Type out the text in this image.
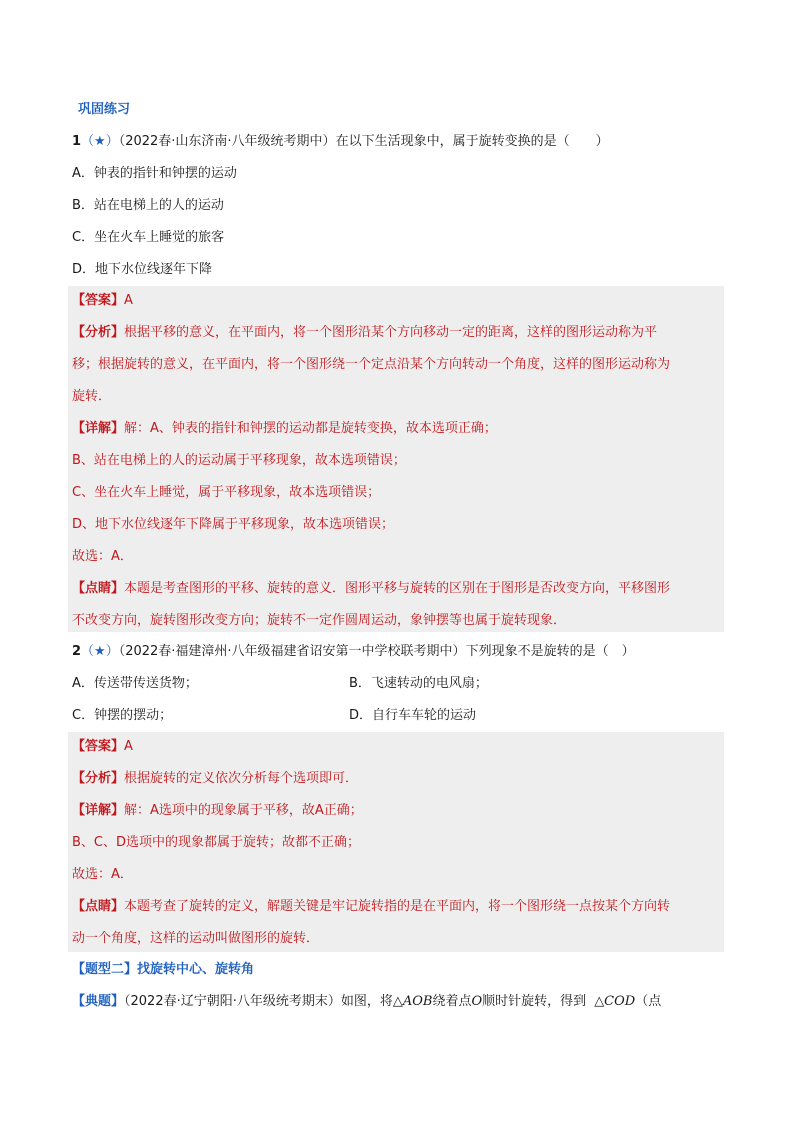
巩固练习
1（★）（2022春·山东济南·八年级统考期中）在以下生活现象中，属于旋转变换的是（　　）
A．钟表的指针和钟摆的运动
B．站在电梯上的人的运动
C．坐在火车上睡觉的旅客
D．地下水位线逐年下降
【答案】A
【分析】根据平移的意义，在平面内，将一个图形沿某个方向移动一定的距离，这样的图形运动称为平
移；根据旋转的意义，在平面内，将一个图形绕一个定点沿某个方向转动一个角度，这样的图形运动称为
旋转．
【详解】解：A、钟表的指针和钟摆的运动都是旋转变换，故本选项正确；
B、站在电梯上的人的运动属于平移现象，故本选项错误；
C、坐在火车上睡觉，属于平移现象，故本选项错误；
D、地下水位线逐年下降属于平移现象，故本选项错误；
故选：A．
【点睛】本题是考查图形的平移、旋转的意义．图形平移与旋转的区别在于图形是否改变方向，平移图形
不改变方向，旋转图形改变方向；旋转不一定作圆周运动，象钟摆等也属于旋转现象．
2（★）（2022春·福建漳州·八年级福建省诏安第一中学校联考期中）下列现象不是旋转的是（　）
A．传送带传送货物；	B．飞速转动的电风扇；
C．钟摆的摆动；	D．自行车车轮的运动
【答案】A
【分析】根据旋转的定义依次分析每个选项即可．
【详解】解：A选项中的现象属于平移，故A正确；
B、C、D选项中的现象都属于旋转；故都不正确；
故选：A．
【点睛】本题考查了旋转的定义，解题关键是牢记旋转指的是在平面内，将一个图形绕一点按某个方向转
动一个角度，这样的运动叫做图形的旋转．
【题型二】找旋转中心、旋转角
【典题】（2022春·辽宁朝阳·八年级统考期末）如图，将△AOB绕着点O顺时针旋转，得到 △COD（点
